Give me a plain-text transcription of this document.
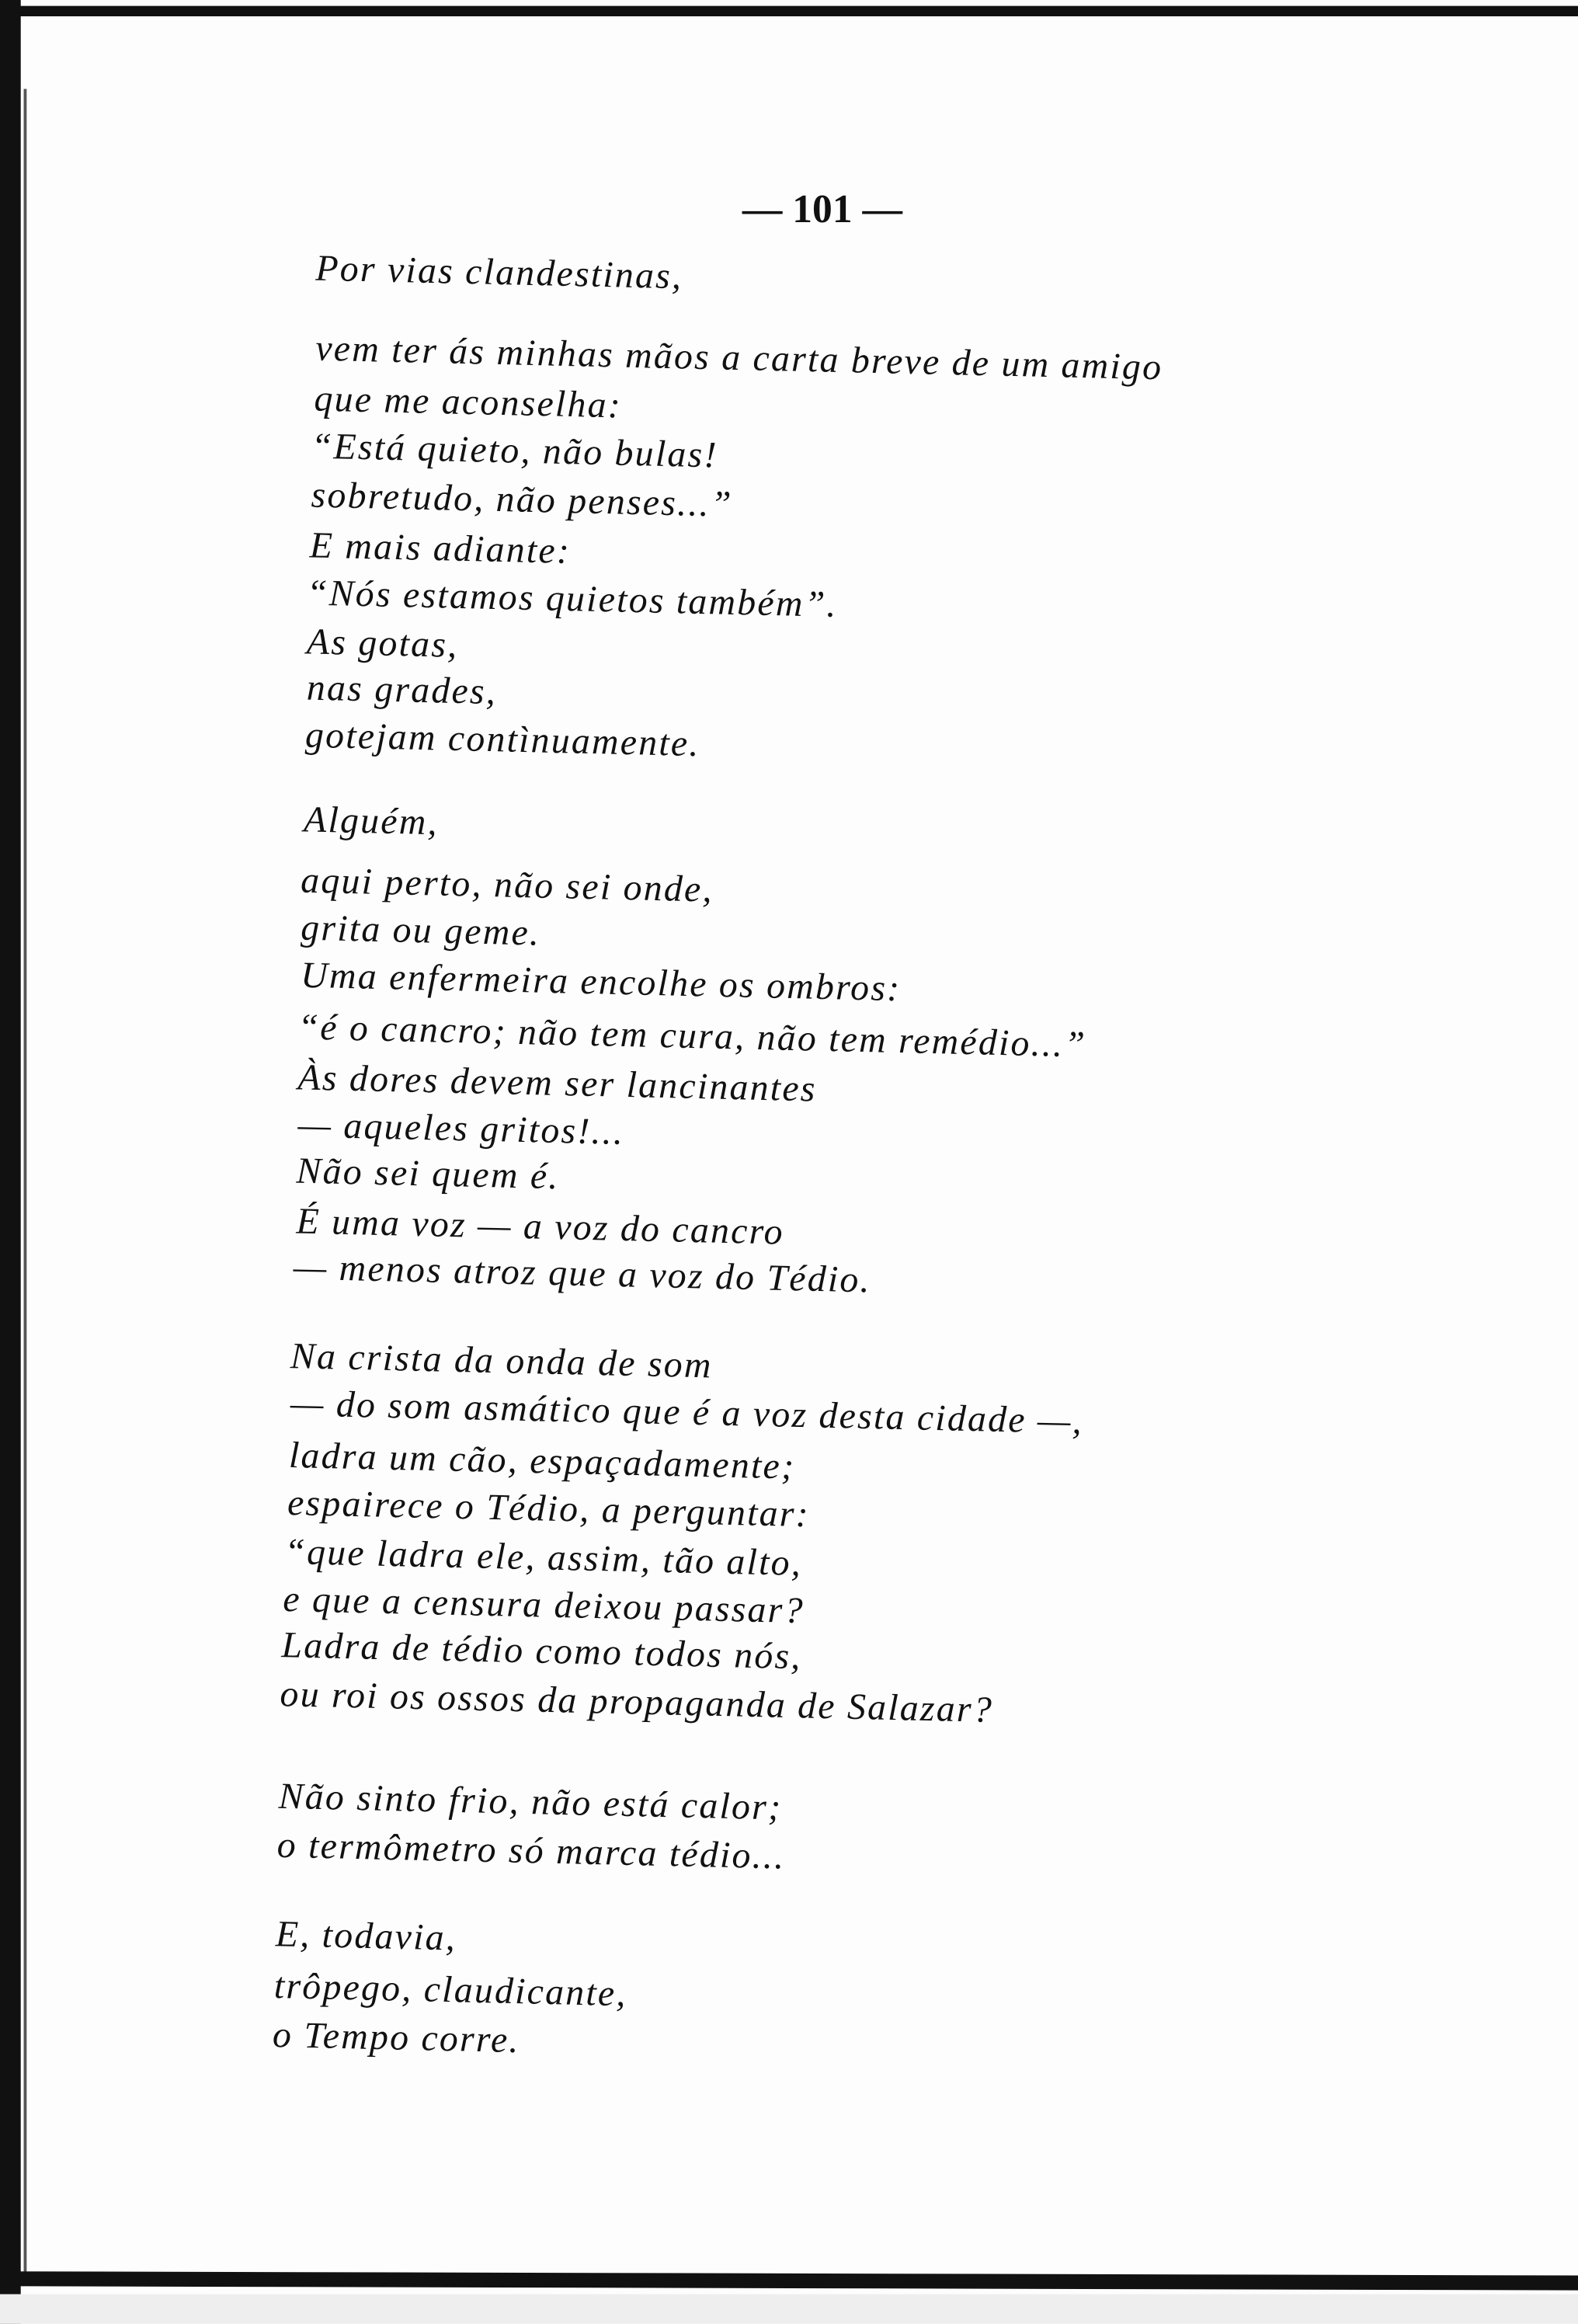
— 101 —
Por vias clandestinas,
vem ter ás minhas mãos a carta breve de um amigo
que me aconselha:
“Está quieto, não bulas!
sobretudo, não penses...”
E mais adiante:
“Nós estamos quietos também”.
As gotas,
nas grades,
gotejam contìnuamente.
Alguém,
aqui perto, não sei onde,
grita ou geme.
Uma enfermeira encolhe os ombros:
“é o cancro; não tem cura, não tem remédio...”
Às dores devem ser lancinantes
— aqueles gritos!...
Não sei quem é.
É uma voz — a voz do cancro
— menos atroz que a voz do Tédio.
Na crista da onda de som
— do som asmático que é a voz desta cidade —,
ladra um cão, espaçadamente;
espairece o Tédio, a perguntar:
“que ladra ele, assim, tão alto,
e que a censura deixou passar?
Ladra de tédio como todos nós,
ou roi os ossos da propaganda de Salazar?
Não sinto frio, não está calor;
o termômetro só marca tédio...
E, todavia,
trôpego, claudicante,
o Tempo corre.
